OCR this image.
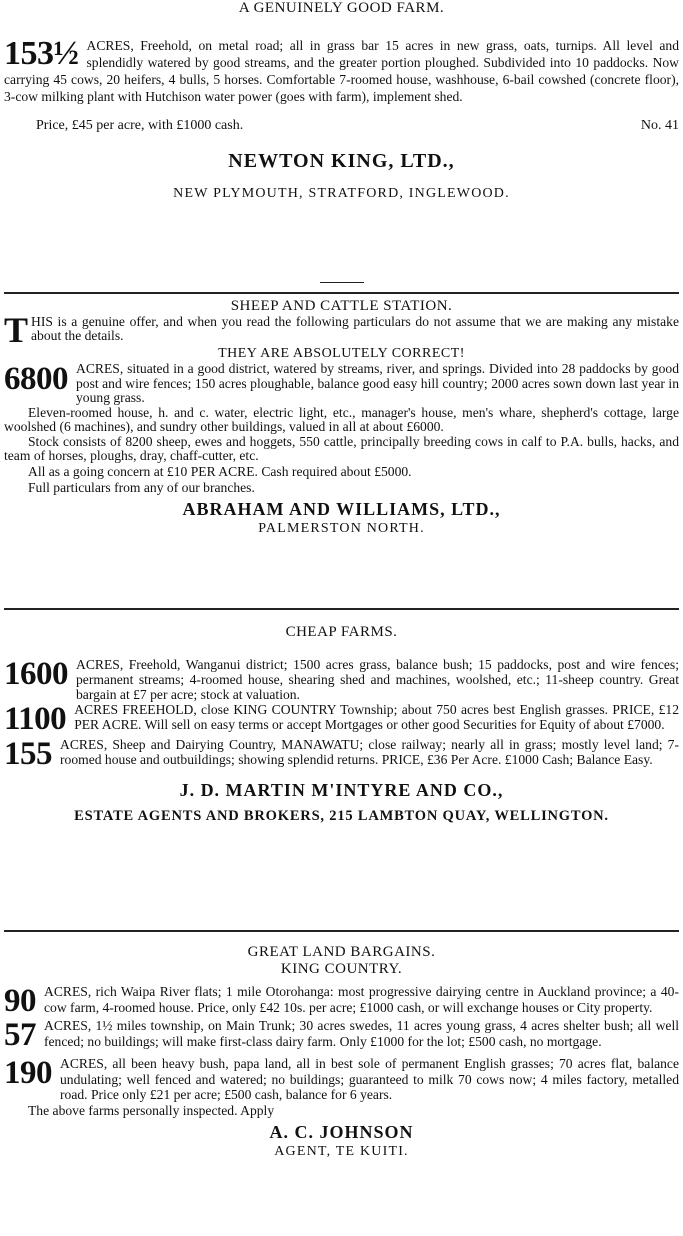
A GENUINELY GOOD FARM.
153½ ACRES, Freehold, on metal road; all in grass bar 15 acres in new grass, oats, turnips. All level and splendidly watered by good streams, and the greater portion ploughed. Subdivided into 10 paddocks. Now carrying 45 cows, 20 heifers, 4 bulls, 5 horses. Comfortable 7-roomed house, washhouse, 6-bail cowshed (concrete floor), 3-cow milking plant with Hutchison water power (goes with farm), implement shed.
Price, £45 per acre, with £1000 cash.	No. 41
NEWTON KING, LTD.,
NEW PLYMOUTH, STRATFORD, INGLEWOOD.
SHEEP AND CATTLE STATION.
T HIS is a genuine offer, and when you read the following particulars do not assume that we are making any mistake about the details.
THEY ARE ABSOLUTELY CORRECT!
6800 ACRES, situated in a good district, watered by streams, river, and springs. Divided into 28 paddocks by good post and wire fences; 150 acres ploughable, balance good easy hill country; 2000 acres sown down last year in young grass.
Eleven-roomed house, h. and c. water, electric light, etc., manager's house, men's whare, shepherd's cottage, large woolshed (6 machines), and sundry other buildings, valued in all at about £6000.
Stock consists of 8200 sheep, ewes and hoggets, 550 cattle, principally breeding cows in calf to P.A. bulls, hacks, and team of horses, ploughs, dray, chaff-cutter, etc.
All as a going concern at £10 PER ACRE. Cash required about £5000.
Full particulars from any of our branches.
ABRAHAM AND WILLIAMS, LTD.,
PALMERSTON NORTH.
CHEAP FARMS.
1600 ACRES, Freehold, Wanganui district; 1500 acres grass, balance bush; 15 paddocks, post and wire fences; permanent streams; 4-roomed house, shearing shed and machines, woolshed, etc.; 11-sheep country. Great bargain at £7 per acre; stock at valuation.
1100 ACRES FREEHOLD, close KING COUNTRY Township; about 750 acres best English grasses. PRICE, £12 PER ACRE. Will sell on easy terms or accept Mortgages or other good Securities for Equity of about £7000.
155 ACRES, Sheep and Dairying Country, MANAWATU; close railway; nearly all in grass; mostly level land; 7-roomed house and outbuildings; showing splendid returns. PRICE, £36 Per Acre. £1000 Cash; Balance Easy.
J. D. MARTIN M'INTYRE AND CO.,
ESTATE AGENTS AND BROKERS, 215 LAMBTON QUAY, WELLINGTON.
GREAT LAND BARGAINS.
KING COUNTRY.
90 ACRES, rich Waipa River flats; 1 mile Otorohanga: most progressive dairying centre in Auckland province; a 40-cow farm, 4-roomed house. Price, only £42 10s. per acre; £1000 cash, or will exchange houses or City property.
57 ACRES, 1½ miles township, on Main Trunk; 30 acres swedes, 11 acres young grass, 4 acres shelter bush; all well fenced; no buildings; will make first-class dairy farm. Only £1000 for the lot; £500 cash, no mortgage.
190 ACRES, all been heavy bush, papa land, all in best sole of permanent English grasses; 70 acres flat, balance undulating; well fenced and watered; no buildings; guaranteed to milk 70 cows now; 4 miles factory, metalled road. Price only £21 per acre; £500 cash, balance for 6 years.
The above farms personally inspected. Apply
A. C. JOHNSON
AGENT, TE KUITI.
